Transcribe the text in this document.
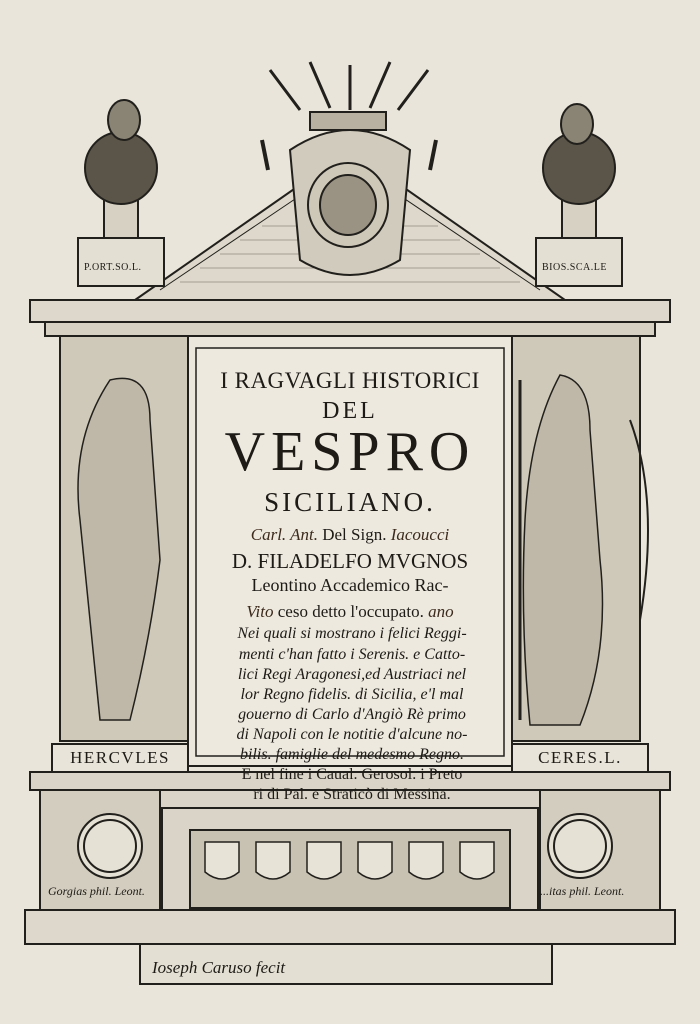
I RAGVAGLI HISTORICI
DEL
VESPRO
SICILIANO.
Carl. Ant. Del Sign. Iacoucci
D. FILADELFO MVGNOS
Leontino Accademico Rac-
Vito ceso detto l'occupato. ano
Nei quali si mostrano i felici Reggi-
menti c'han fatto i Serenis. e Catto-
lici Regi Aragonesi,ed Austriaci nel
lor Regno fidelis. di Sicilia, e'l mal
gouerno di Carlo d'Angiò Rè primo
di Napoli con le notitie d'alcune no-
bilis. famiglie del medesmo Regno.
E nel fine i Caual. Gerosol. i Preto
ri di Pal. e Straticò di Messina.
P.ORT.SO.L.	BIOS.SCA.LE
HERCVLES	CERES.L.
Gorgias phil. Leont.	...itas phil. Leont.
Ioseph Caruso fecit
